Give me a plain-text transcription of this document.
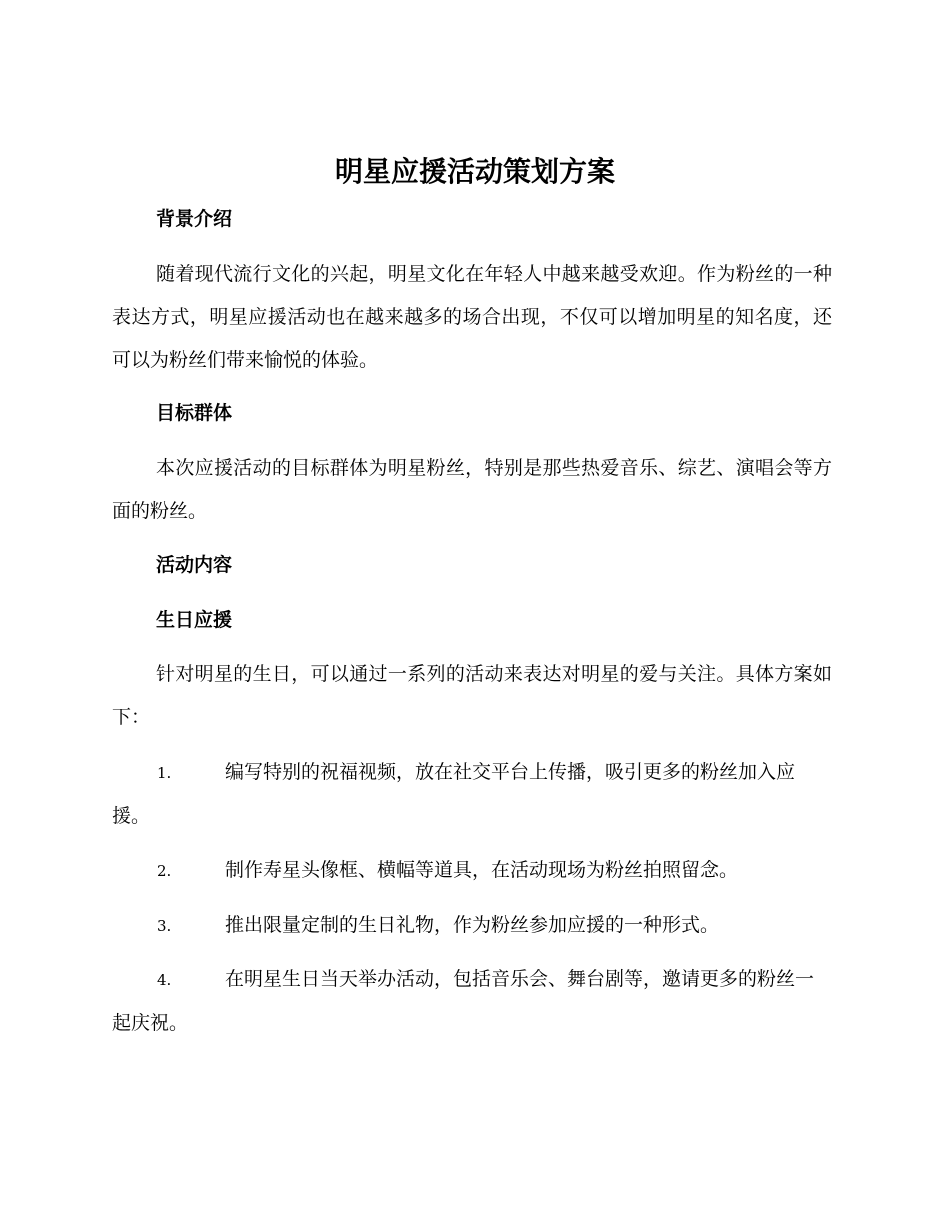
明星应援活动策划方案
背景介绍

随着现代流行文化的兴起，明星文化在年轻人中越来越受欢迎。作为粉丝的一种表达方式，明星应援活动也在越来越多的场合出现，不仅可以增加明星的知名度，还可以为粉丝们带来愉悦的体验。

目标群体

本次应援活动的目标群体为明星粉丝，特别是那些热爱音乐、综艺、演唱会等方面的粉丝。

活动内容
生日应援

针对明星的生日，可以通过一系列的活动来表达对明星的爱与关注。具体方案如下：

1.	编写特别的祝福视频，放在社交平台上传播，吸引更多的粉丝加入应援。
2.	制作寿星头像框、横幅等道具，在活动现场为粉丝拍照留念。
3.	推出限量定制的生日礼物，作为粉丝参加应援的一种形式。
4.	在明星生日当天举办活动，包括音乐会、舞台剧等，邀请更多的粉丝一起庆祝。
